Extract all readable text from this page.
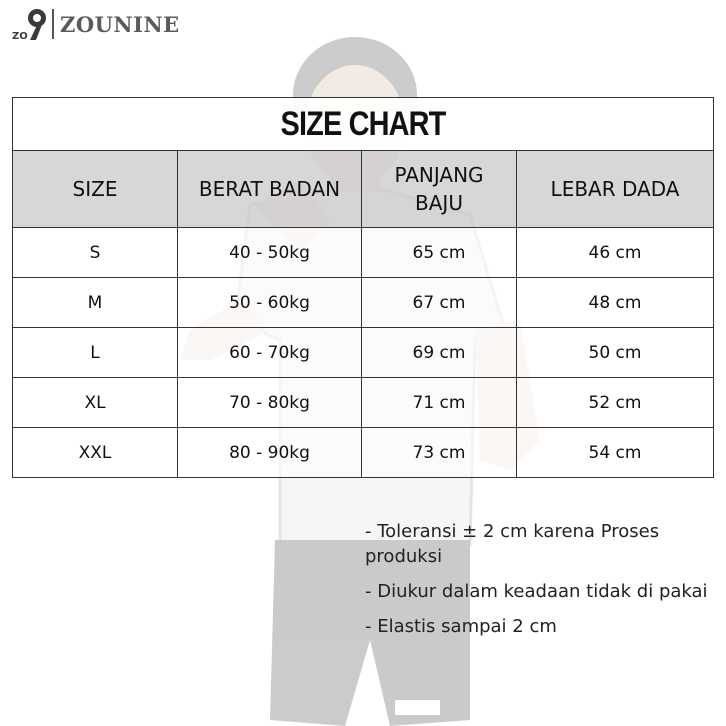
ZO ZOUNINE
SIZE CHART			
SIZE	BERAT BADAN	PANJANG BAJU	LEBAR DADA
S	40 - 50kg	65 cm	46 cm
M	50 - 60kg	67 cm	48 cm
L	60 - 70kg	69 cm	50 cm
XL	70 - 80kg	71 cm	52 cm
XXL	80 - 90kg	73 cm	54 cm
- Toleransi ± 2 cm karena Proses produksi
- Diukur dalam keadaan tidak di pakai
- Elastis sampai 2 cm
